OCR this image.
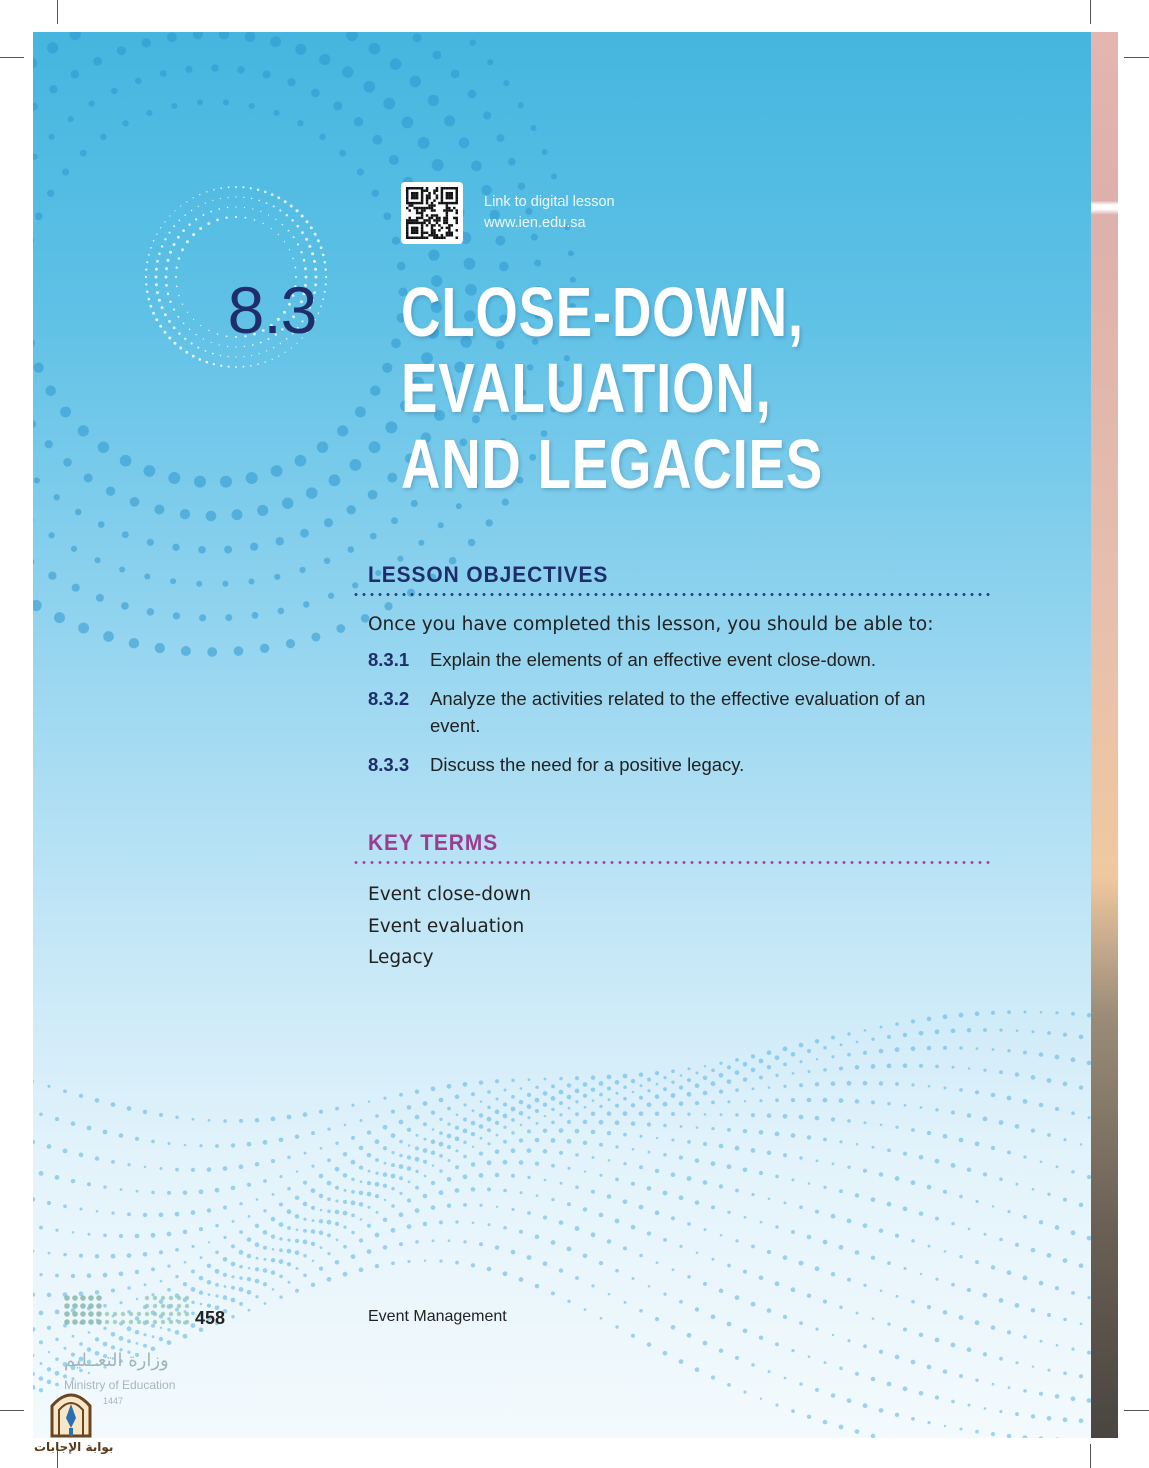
Link to digital lesson
www.ien.edu.sa
8.3 CLOSE-DOWN,
EVALUATION,
AND LEGACIES
LESSON OBJECTIVES
Once you have completed this lesson, you should be able to:
8.3.1 Explain the elements of an effective event close-down.
8.3.2 Analyze the activities related to the effective evaluation of an event.
8.3.3 Discuss the need for a positive legacy.
KEY TERMS
Event close-down
Event evaluation
Legacy
458	Event Management
وزارة التعــليم
Ministry of Education
1447
بوابة الإجابات
